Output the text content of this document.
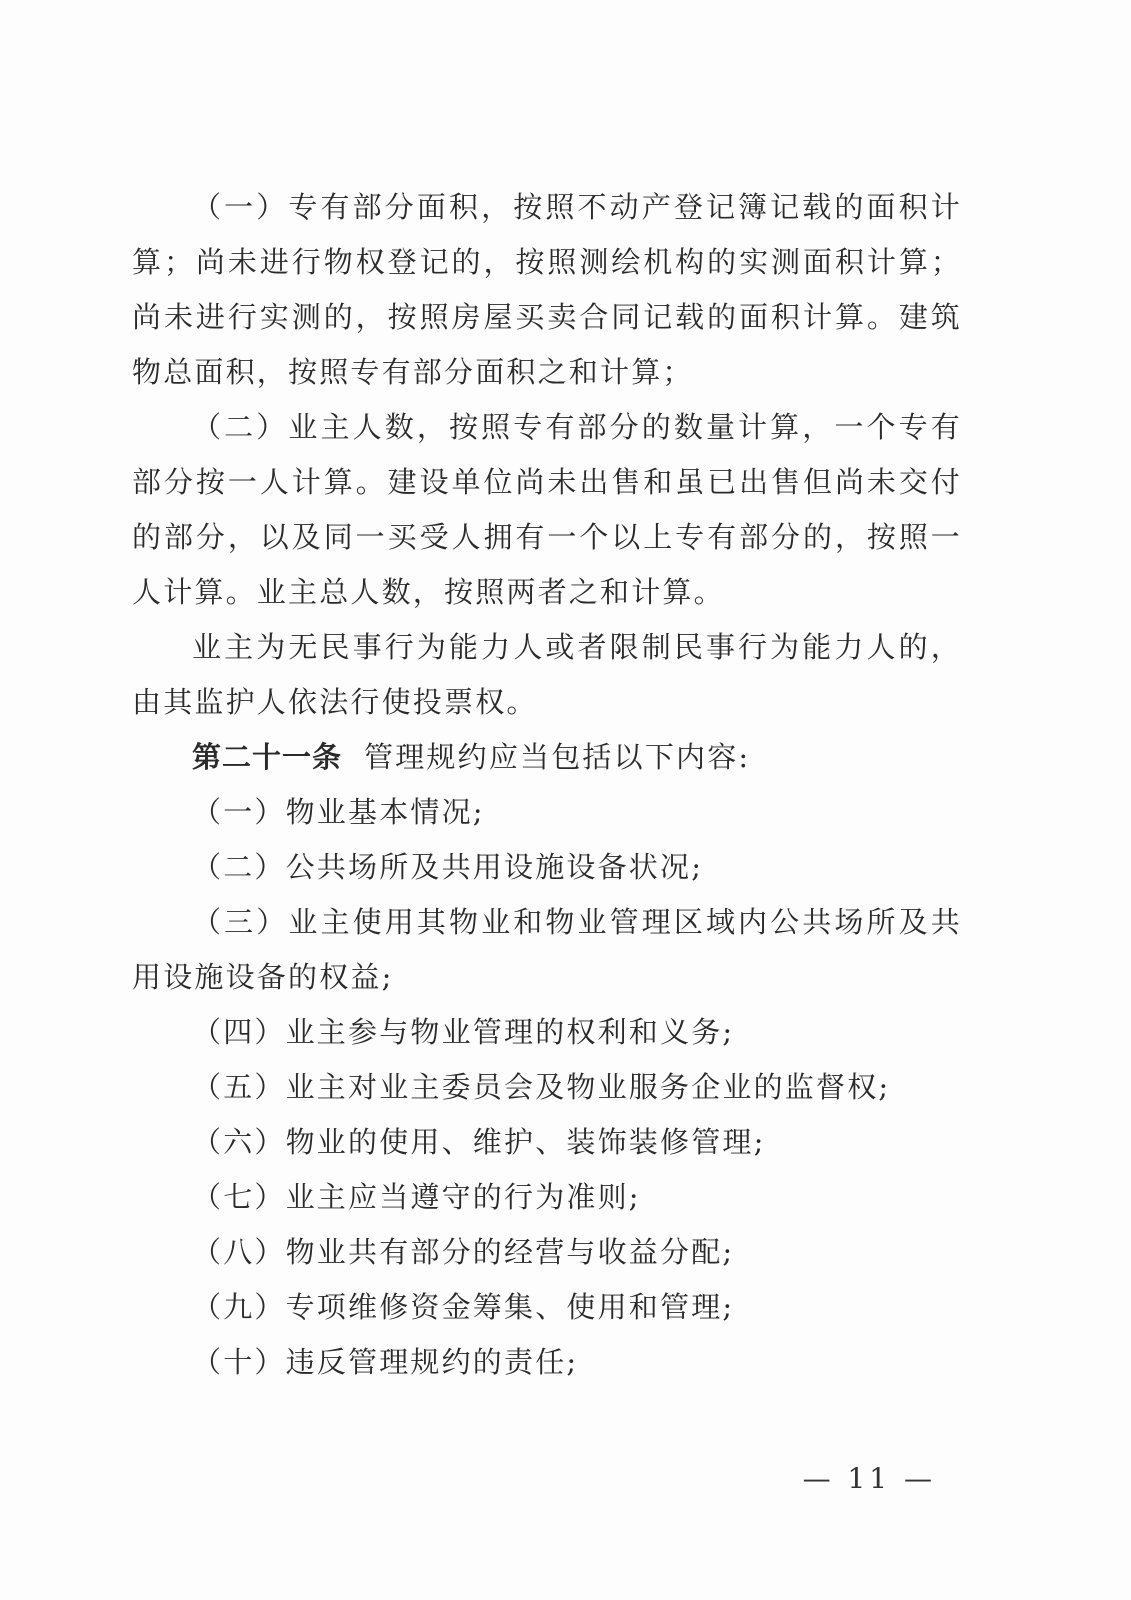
（一）专有部分面积，按照不动产登记簿记载的面积计算；尚未进行物权登记的，按照测绘机构的实测面积计算；尚未进行实测的，按照房屋买卖合同记载的面积计算。建筑物总面积，按照专有部分面积之和计算；

（二）业主人数，按照专有部分的数量计算，一个专有部分按一人计算。建设单位尚未出售和虽已出售但尚未交付的部分，以及同一买受人拥有一个以上专有部分的，按照一人计算。业主总人数，按照两者之和计算。

业主为无民事行为能力人或者限制民事行为能力人的，由其监护人依法行使投票权。

第二十一条 管理规约应当包括以下内容:

（一）物业基本情况;

（二）公共场所及共用设施设备状况;

（三）业主使用其物业和物业管理区域内公共场所及共用设施设备的权益;

（四）业主参与物业管理的权利和义务;

（五）业主对业主委员会及物业服务企业的监督权;

（六）物业的使用、维护、装饰装修管理;

（七）业主应当遵守的行为准则;

（八）物业共有部分的经营与收益分配;

（九）专项维修资金筹集、使用和管理;

（十）违反管理规约的责任;

— 11 —
